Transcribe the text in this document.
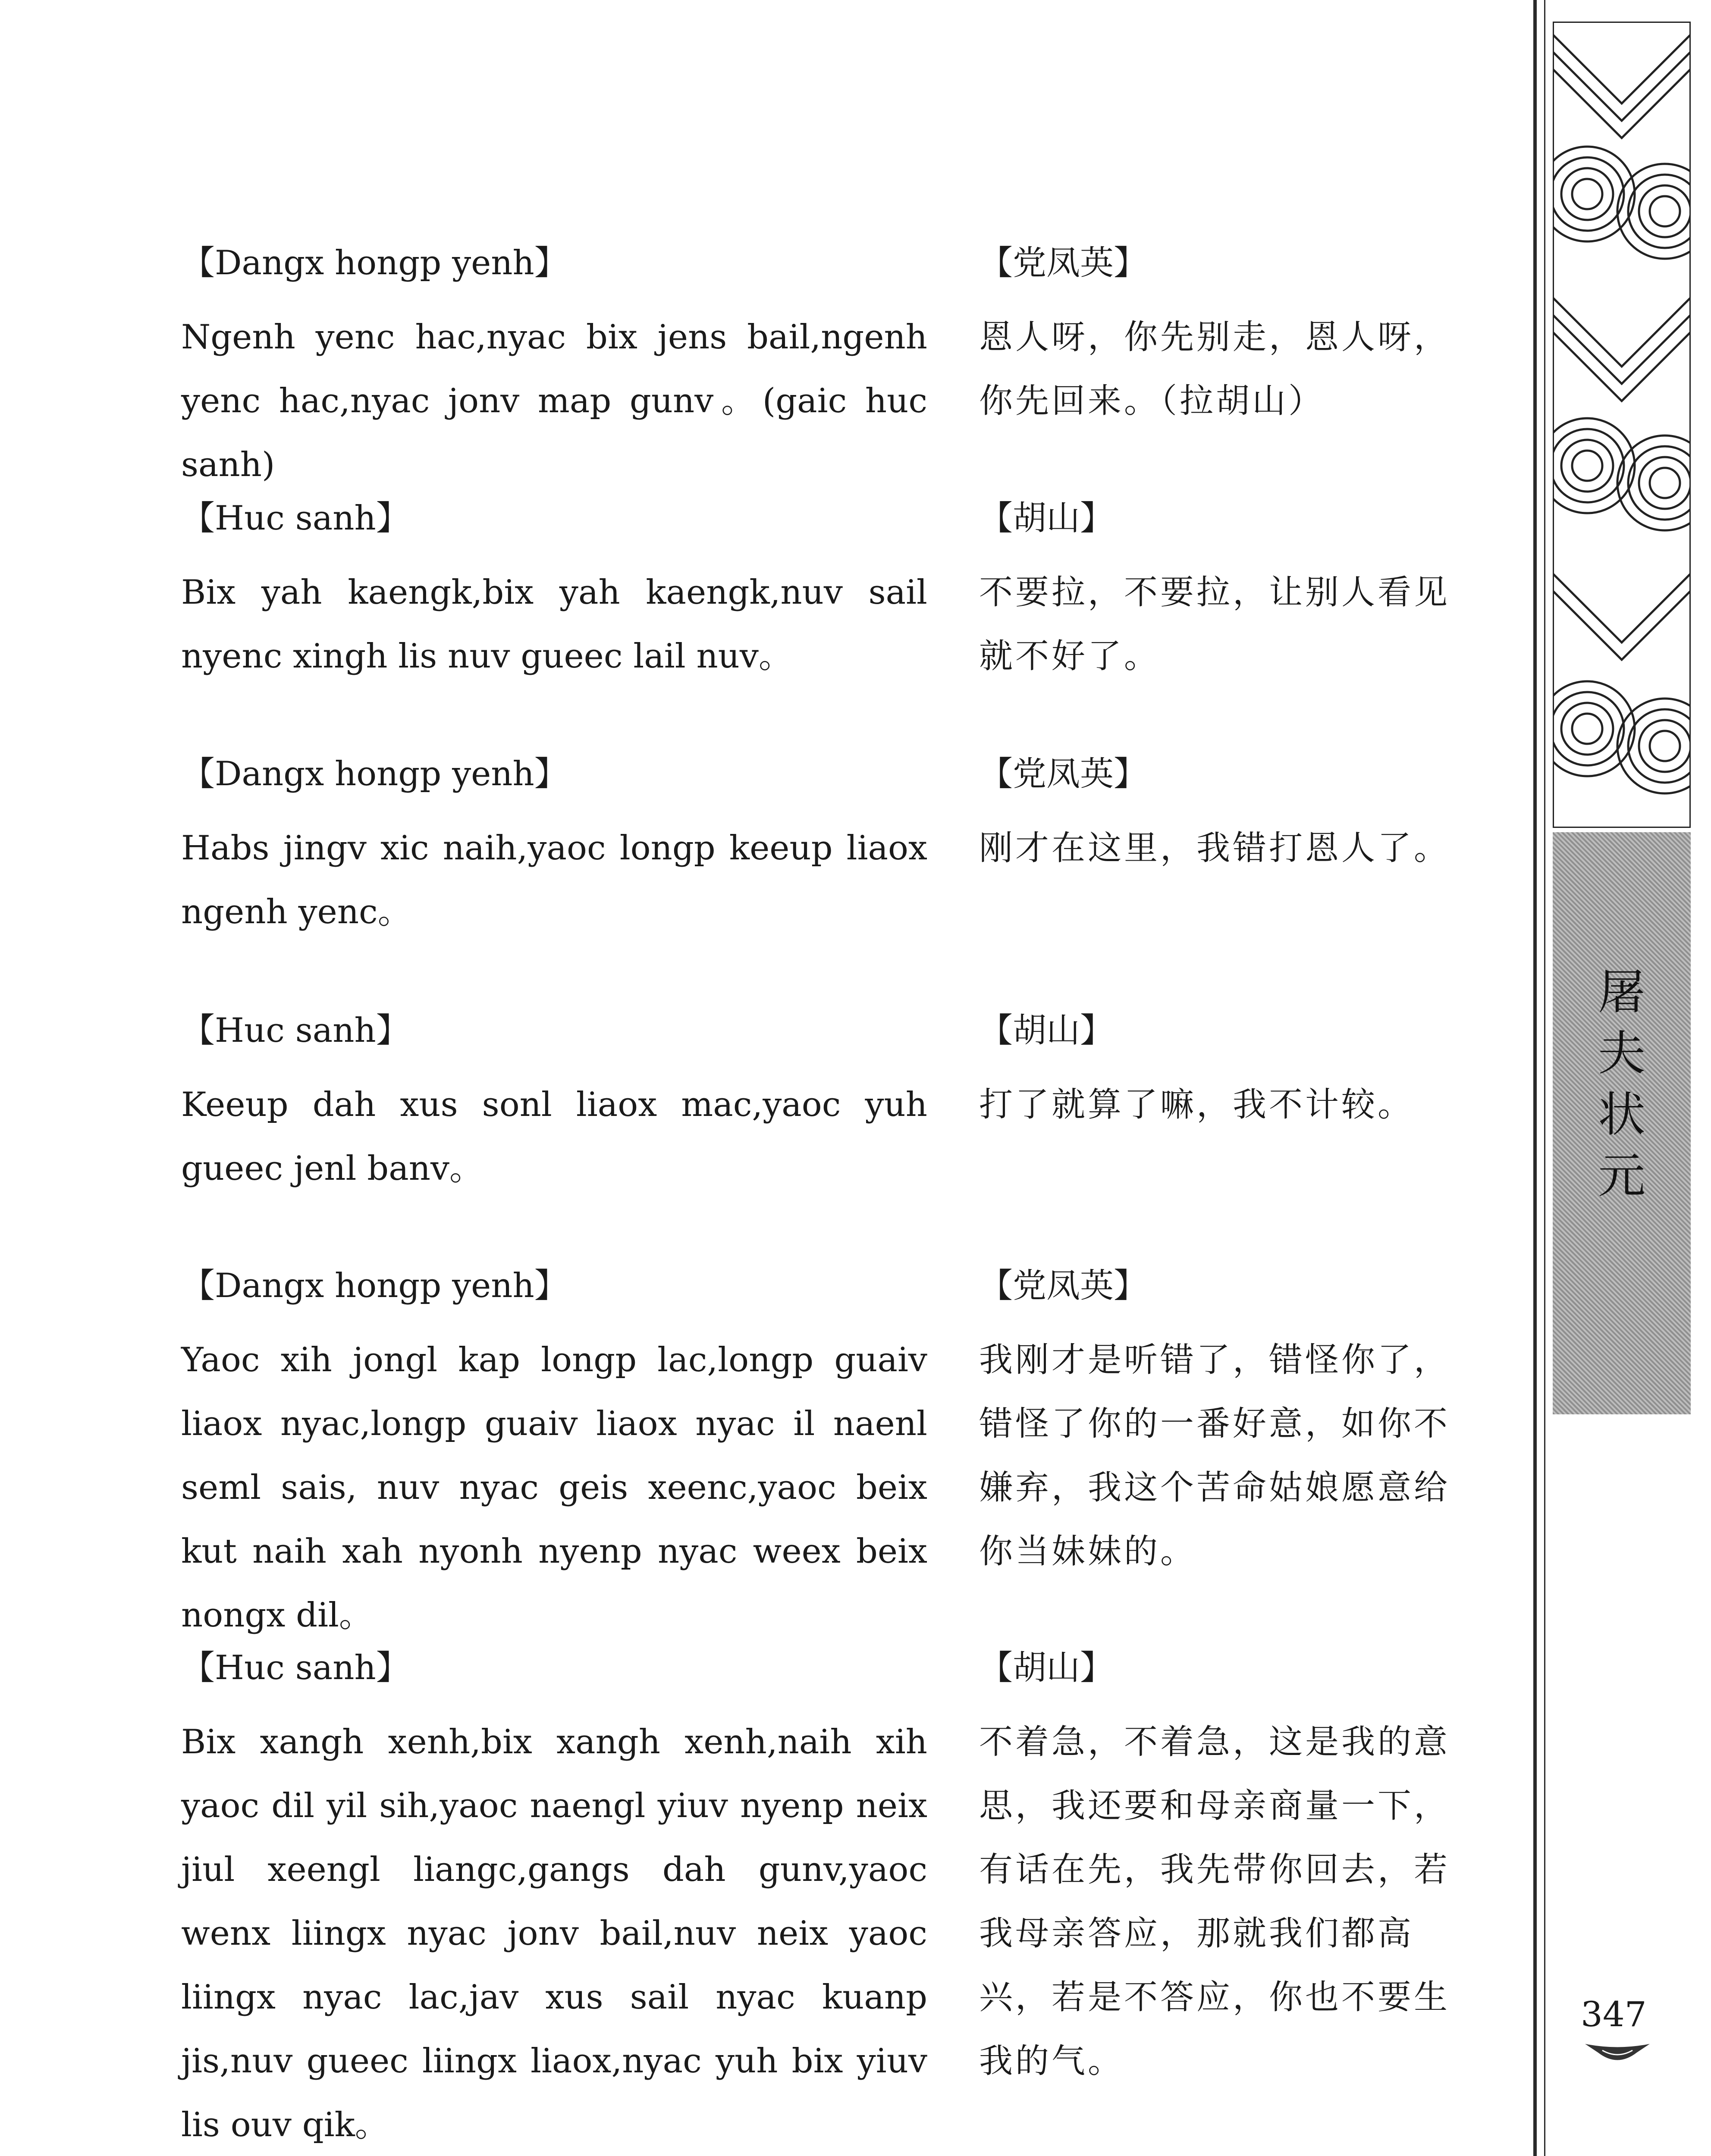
【Dangx hongp yenh】
Ngenh yenc hac,nyac bix jens bail,ngenh yenc hac,nyac jonv map gunv。(gaic huc sanh)
【党凤英】
恩人呀，你先别走，恩人呀，你先回来。（拉胡山）
【Huc sanh】
Bix yah kaengk,bix yah kaengk,nuv sail nyenc xingh lis nuv gueec lail nuv。
【胡山】
不要拉，不要拉，让别人看见就不好了。
【Dangx hongp yenh】
Habs jingv xic naih,yaoc longp keeup liaox ngenh yenc。
【党凤英】
刚才在这里，我错打恩人了。
【Huc sanh】
Keeup dah xus sonl liaox mac,yaoc yuh gueec jenl banv。
【胡山】
打了就算了嘛，我不计较。
【Dangx hongp yenh】
Yaoc xih jongl kap longp lac,longp guaiv liaox nyac,longp guaiv liaox nyac il naenl seml sais, nuv nyac geis xeenc,yaoc beix kut naih xah nyonh nyenp nyac weex beix nongx dil。
【党凤英】
我刚才是听错了，错怪你了，错怪了你的一番好意，如你不嫌弃，我这个苦命姑娘愿意给你当妹妹的。
【Huc sanh】
Bix xangh xenh,bix xangh xenh,naih xih yaoc dil yil sih,yaoc naengl yiuv nyenp neix jiul xeengl liangc,gangs dah gunv,yaoc wenx liingx nyac jonv bail,nuv neix yaoc liingx nyac lac,jav xus sail nyac kuanp jis,nuv gueec liingx liaox,nyac yuh bix yiuv lis ouv qik。
【胡山】
不着急，不着急，这是我的意思，我还要和母亲商量一下，有话在先，我先带你回去，若我母亲答应，那就我们都高兴，若是不答应，你也不要生我的气。
屠夫状元
347
